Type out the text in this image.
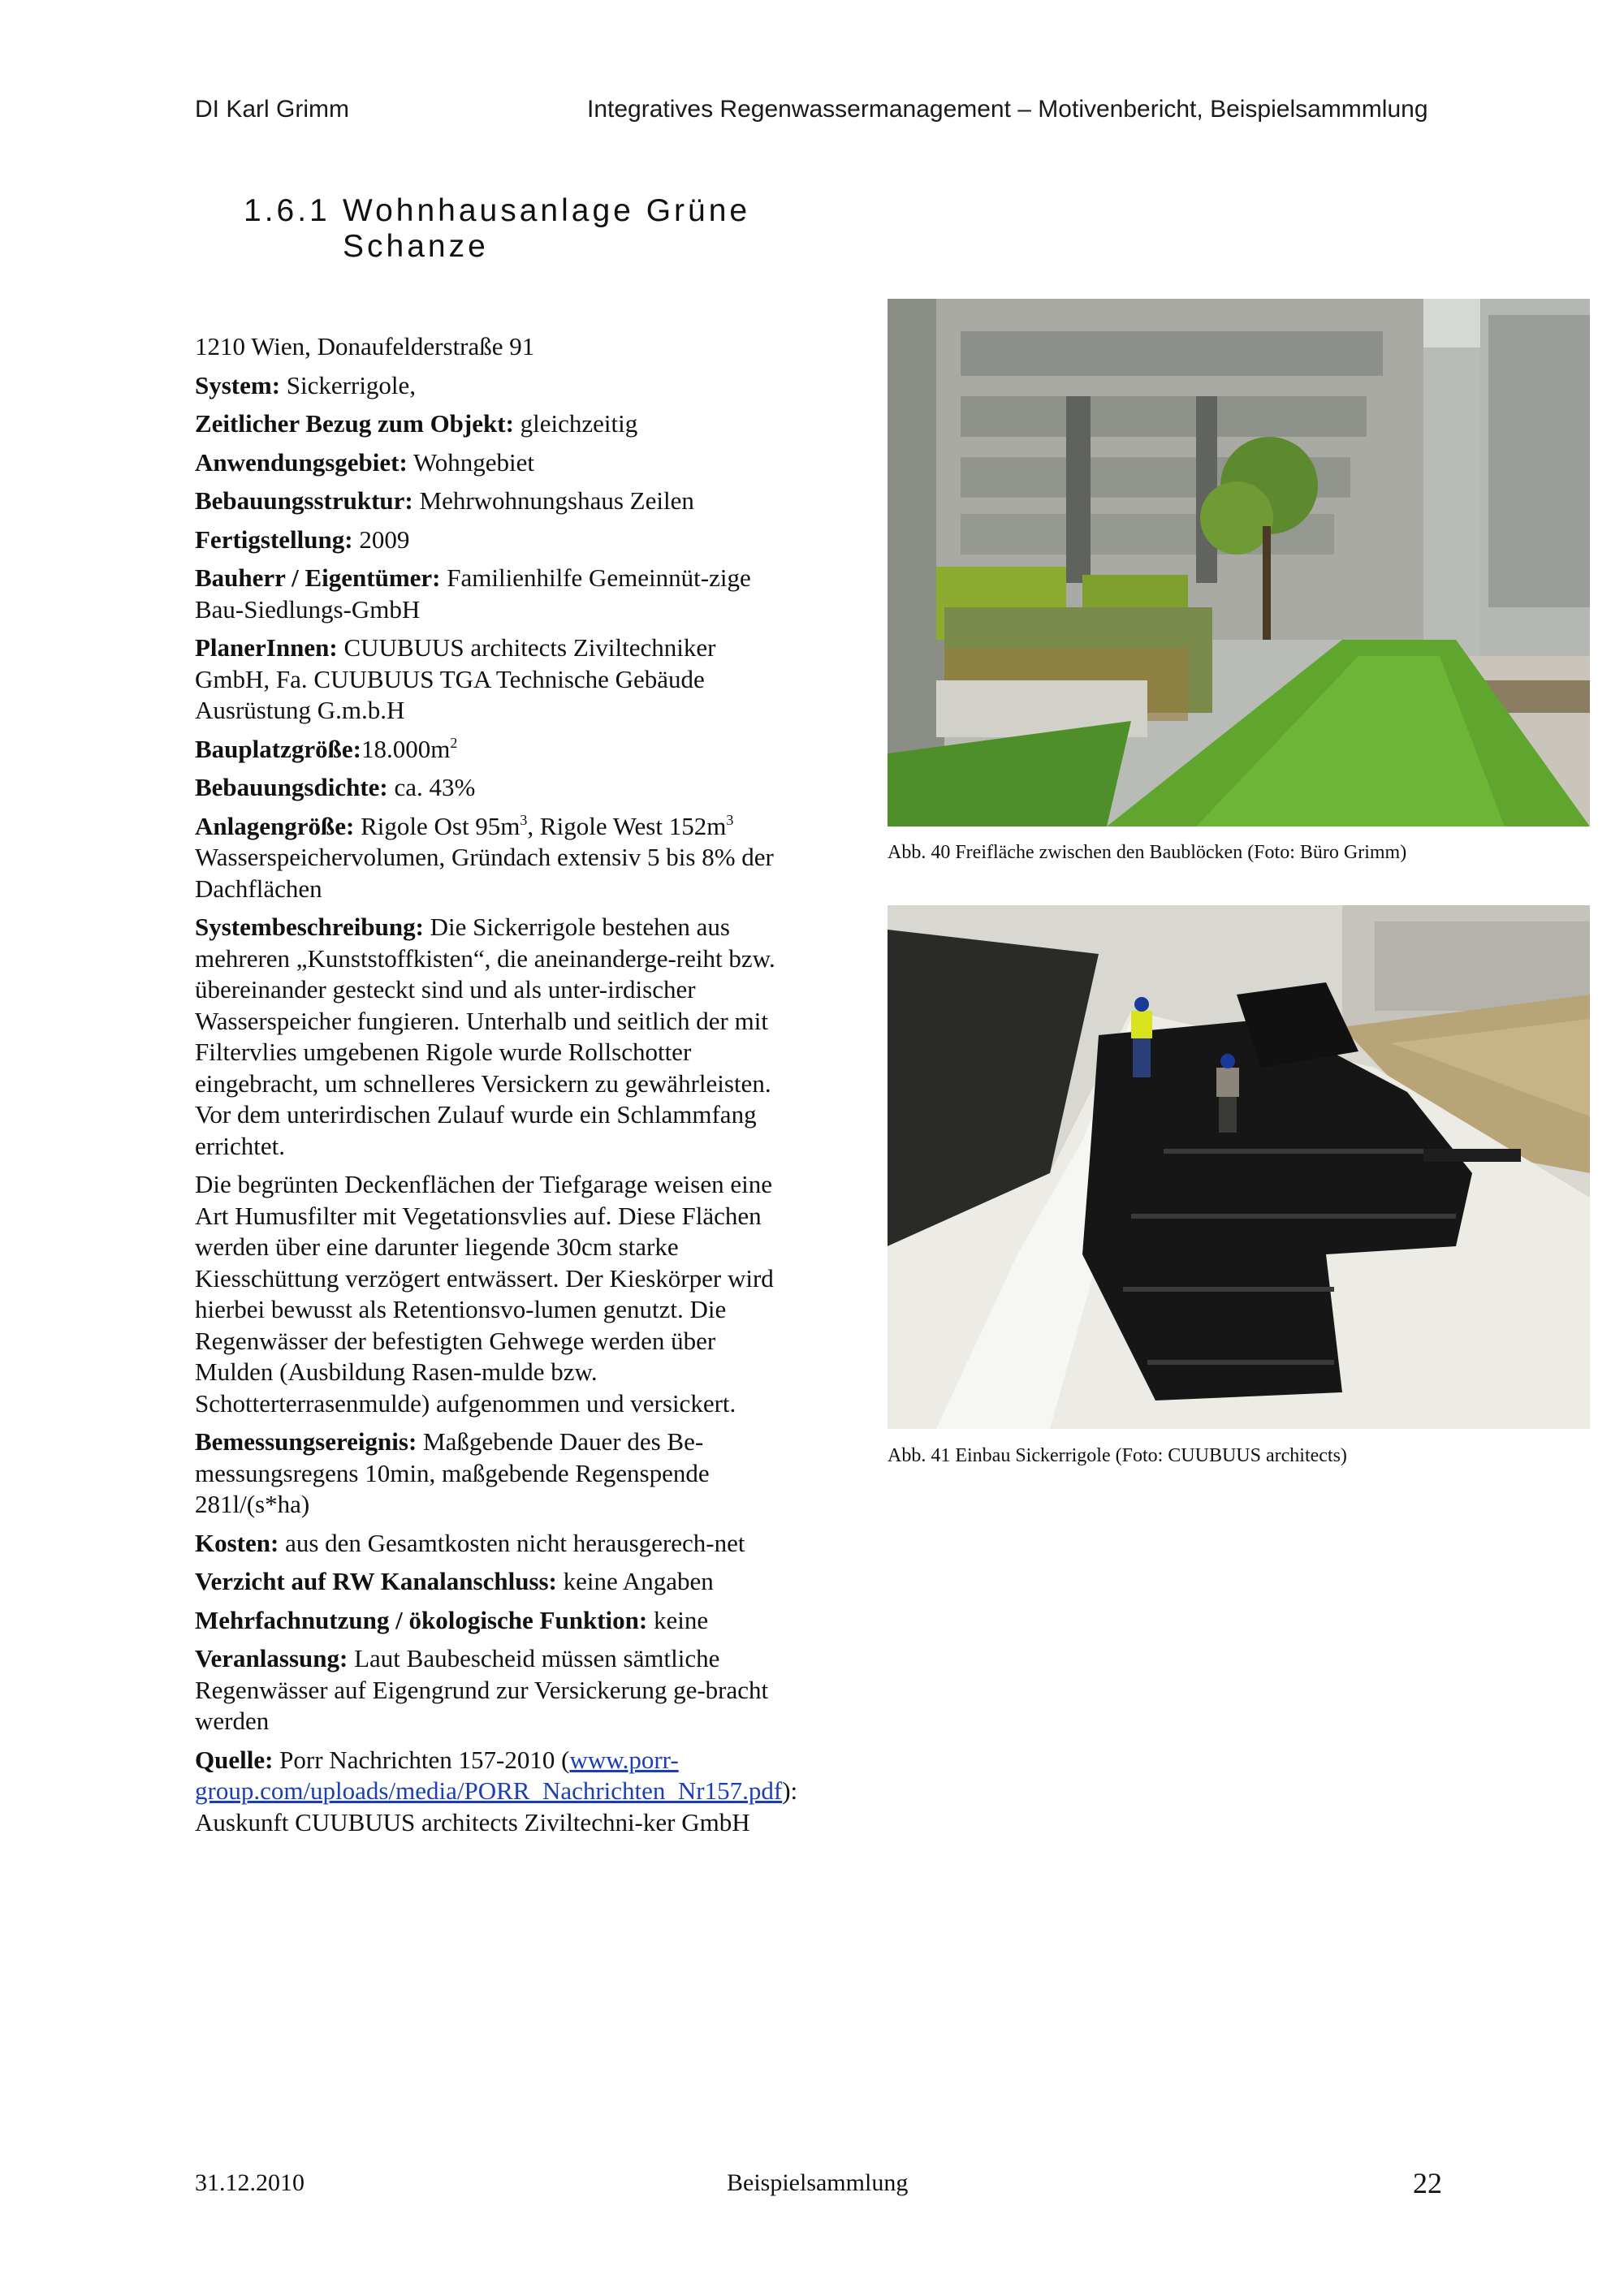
DI Karl Grimm	Integratives Regenwassermanagement – Motivenbericht, Beispielsammmlung
1.6.1 Wohnhausanlage Grüne
Schanze

1210 Wien, Donaufelderstraße 91

System: Sickerrigole,

Zeitlicher Bezug zum Objekt: gleichzeitig

Anwendungsgebiet: Wohngebiet

Bebauungsstruktur: Mehrwohnungshaus Zeilen

Fertigstellung: 2009

Bauherr / Eigentümer: Familienhilfe Gemeinnüt-zige Bau-Siedlungs-GmbH

PlanerInnen: CUUBUUS architects Ziviltechniker GmbH, Fa. CUUBUUS TGA Technische Gebäude Ausrüstung G.m.b.H

$Bauplatzgröße:18.000m^2$

Bebauungsdichte: ca. 43%

Anlagengröße: Rigole Ost $95m^3$, Rigole West $152m^3$ Wasserspeichervolumen, Gründach extensiv 5 bis 8% der Dachflächen

Systembeschreibung: Die Sickerrigole bestehen aus mehreren „Kunststoffkisten“, die aneinanderge-reiht bzw. übereinander gesteckt sind und als unter-irdischer Wasserspeicher fungieren. Unterhalb und seitlich der mit Filtervlies umgebenen Rigole wurde Rollschotter eingebracht, um schnelleres Versickern zu gewährleisten. Vor dem unterirdischen Zulauf wurde ein Schlammfang errichtet.

Die begrünten Deckenflächen der Tiefgarage weisen eine Art Humusfilter mit Vegetationsvlies auf. Diese Flächen werden über eine darunter liegende 30cm starke Kiesschüttung verzögert entwässert. Der Kieskörper wird hierbei bewusst als Retentionsvo-lumen genutzt. Die Regenwässer der befestigten Gehwege werden über Mulden (Ausbildung Rasen-mulde bzw. Schotterterrasenmulde) aufgenommen und versickert.

Bemessungsereignis: Maßgebende Dauer des Be-messungsregens 10min, maßgebende Regenspende 281l/(s*ha)

Kosten: aus den Gesamtkosten nicht herausgerech-net

Verzicht auf RW Kanalanschluss: keine Angaben

Mehrfachnutzung / ökologische Funktion: keine

Veranlassung: Laut Baubescheid müssen sämtliche Regenwässer auf Eigengrund zur Versickerung ge-bracht werden

Quelle: Porr Nachrichten 157-2010 (www.porr-group.com/uploads/media/PORR_Nachrichten_Nr157.pdf): Auskunft CUUBUUS architects Ziviltechni-ker GmbH

Abb. 40 Freifläche zwischen den Baublöcken (Foto: Büro Grimm)
Abb. 41 Einbau Sickerrigole (Foto: CUUBUUS architects)
31.12.2010	Beispielsammlung	22
